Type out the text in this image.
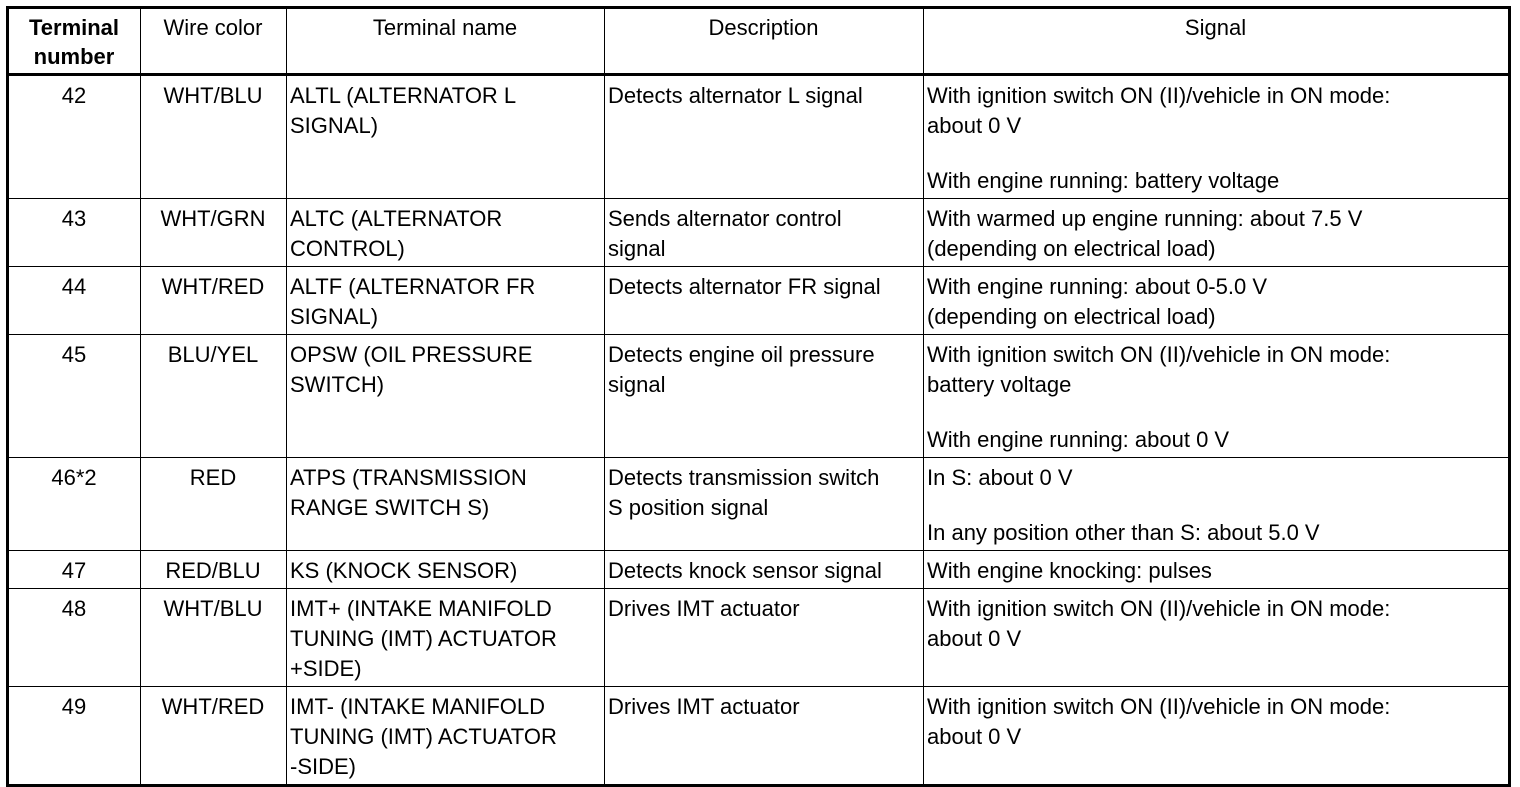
Terminal
number	Wire color	Terminal name	Description	Signal
42	WHT/BLU	ALTL (ALTERNATOR L
SIGNAL)	Detects alternator L signal	With ignition switch ON (II)/vehicle in ON mode:
about 0 V
With engine running: battery voltage

43	WHT/GRN	ALTC (ALTERNATOR
CONTROL)	Sends alternator control
signal	With warmed up engine running: about 7.5 V
(depending on electrical load)

44	WHT/RED	ALTF (ALTERNATOR FR
SIGNAL)	Detects alternator FR signal	With engine running: about 0-5.0 V
(depending on electrical load)

45	BLU/YEL	OPSW (OIL PRESSURE
SWITCH)	Detects engine oil pressure
signal	With ignition switch ON (II)/vehicle in ON mode:
battery voltage
With engine running: about 0 V

46*2	RED	ATPS (TRANSMISSION
RANGE SWITCH S)	Detects transmission switch
S position signal	In S: about 0 V
In any position other than S: about 5.0 V

47	RED/BLU	KS (KNOCK SENSOR)	Detects knock sensor signal	With engine knocking: pulses

48	WHT/BLU	IMT+ (INTAKE MANIFOLD
TUNING (IMT) ACTUATOR
+SIDE)	Drives IMT actuator	With ignition switch ON (II)/vehicle in ON mode:
about 0 V

49	WHT/RED	IMT- (INTAKE MANIFOLD
TUNING (IMT) ACTUATOR
-SIDE)	Drives IMT actuator	With ignition switch ON (II)/vehicle in ON mode:
about 0 V
